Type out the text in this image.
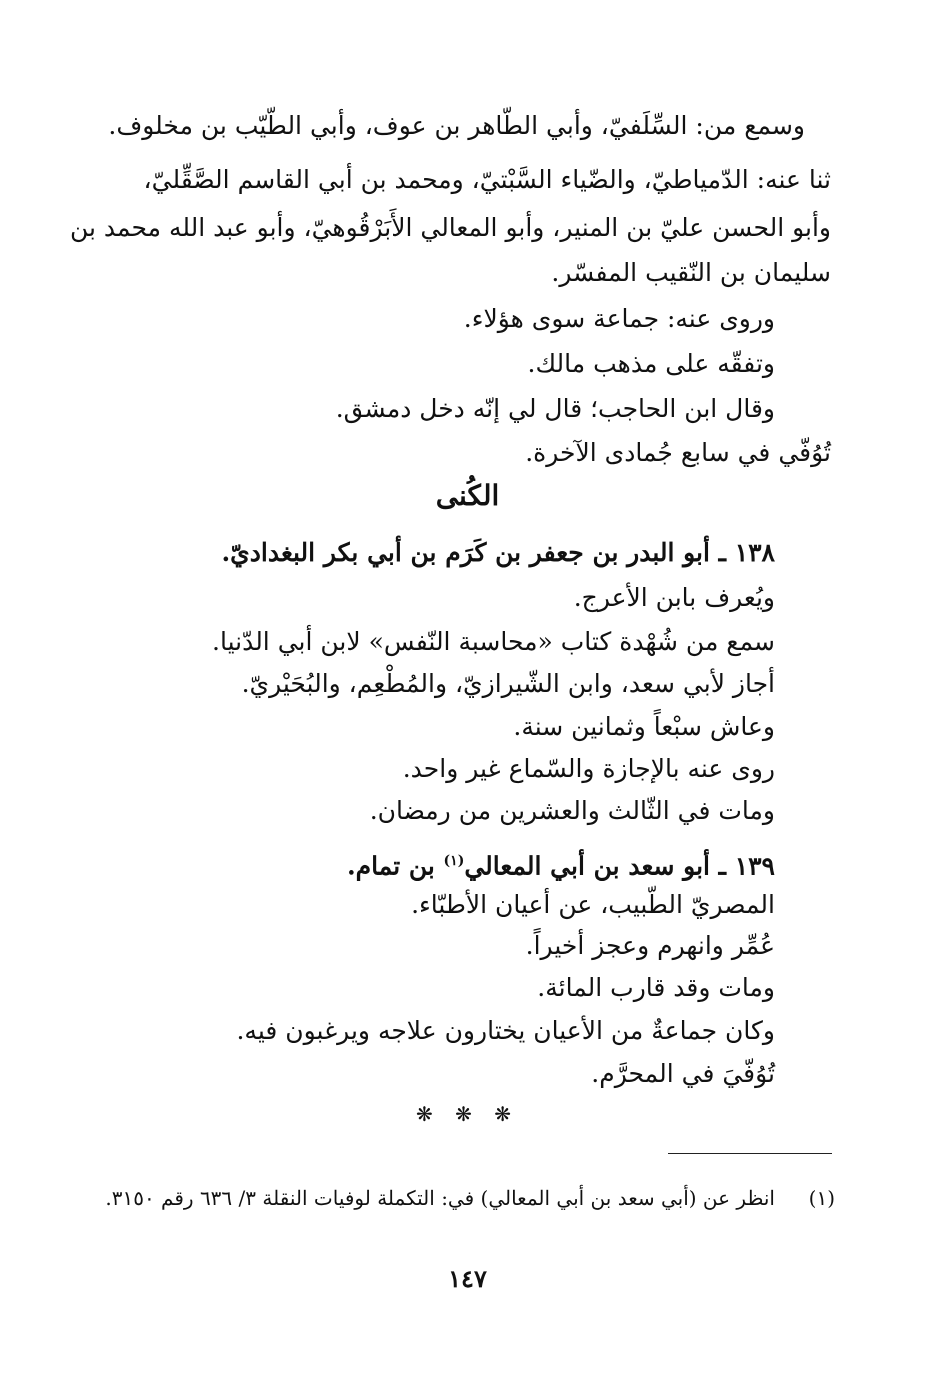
وسمع من: السِّلَفيّ، وأبي الطّاهر بن عوف، وأبي الطّيّب بن مخلوف.
ثنا عنه: الدّمياطيّ، والضّياء السَّبْتيّ، ومحمد بن أبي القاسم الصَّقِّليّ،
وأبو الحسن عليّ بن المنير، وأبو المعالي الأَبَرْقُوهيّ، وأبو عبد الله محمد بن
سليمان بن النّقيب المفسّر.
وروى عنه: جماعة سوى هؤلاء.
وتفقّه على مذهب مالك.
وقال ابن الحاجب؛ قال لي إنّه دخل دمشق.
تُوُفّي في سابع جُمادى الآخرة.
الكُنى
١٣٨ ـ أبو البدر بن جعفر بن كَرَم بن أبي بكر البغداديّ.
ويُعرف بابن الأعرج.
سمع من شُهْدة كتاب «محاسبة النّفس» لابن أبي الدّنيا.
أجاز لأبي سعد، وابن الشّيرازيّ، والمُطْعِم، والبُحَيْريّ.
وعاش سبْعاً وثمانين سنة.
روى عنه بالإجازة والسّماع غير واحد.
ومات في الثّالث والعشرين من رمضان.
١٣٩ ـ أبو سعد بن أبي المعالي$^{(١)}$ بن تمام.
المصريّ الطّبيب، عن أعيان الأطبّاء.
عُمِّر وانهرم وعجز أخيراً.
ومات وقد قارب المائة.
وكان جماعةٌ من الأعيان يختارون علاجه ويرغبون فيه.
تُوُفّيَ في المحرَّم.
❋ ❋ ❋
(١)
انظر عن (أبي سعد بن أبي المعالي) في: التكملة لوفيات النقلة ٣/ ٦٣٦ رقم ٣١٥٠.
١٤٧
